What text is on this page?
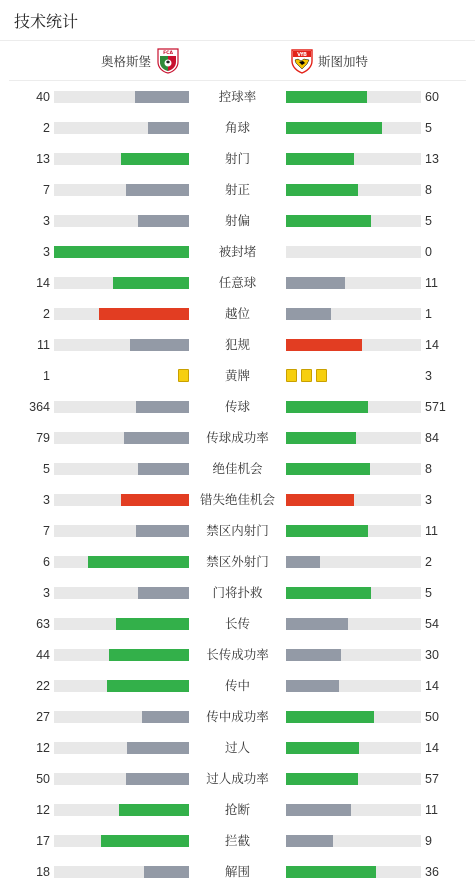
技术统计
奥格斯堡
FCA	VfB 斯图加特
40	控球率	60
2	角球	5
13	射门	13
7	射正	8
3	射偏	5
3	被封堵	0
14	任意球	11
2	越位	1
11	犯规	14
1	黄牌	3
364	传球	571
79	传球成功率	84
5	绝佳机会	8
3	错失绝佳机会	3
7	禁区内射门	11
6	禁区外射门	2
3	门将扑救	5
63	长传	54
44	长传成功率	30
22	传中	14
27	传中成功率	50
12	过人	14
50	过人成功率	57
12	抢断	11
17	拦截	9
18	解围	36
